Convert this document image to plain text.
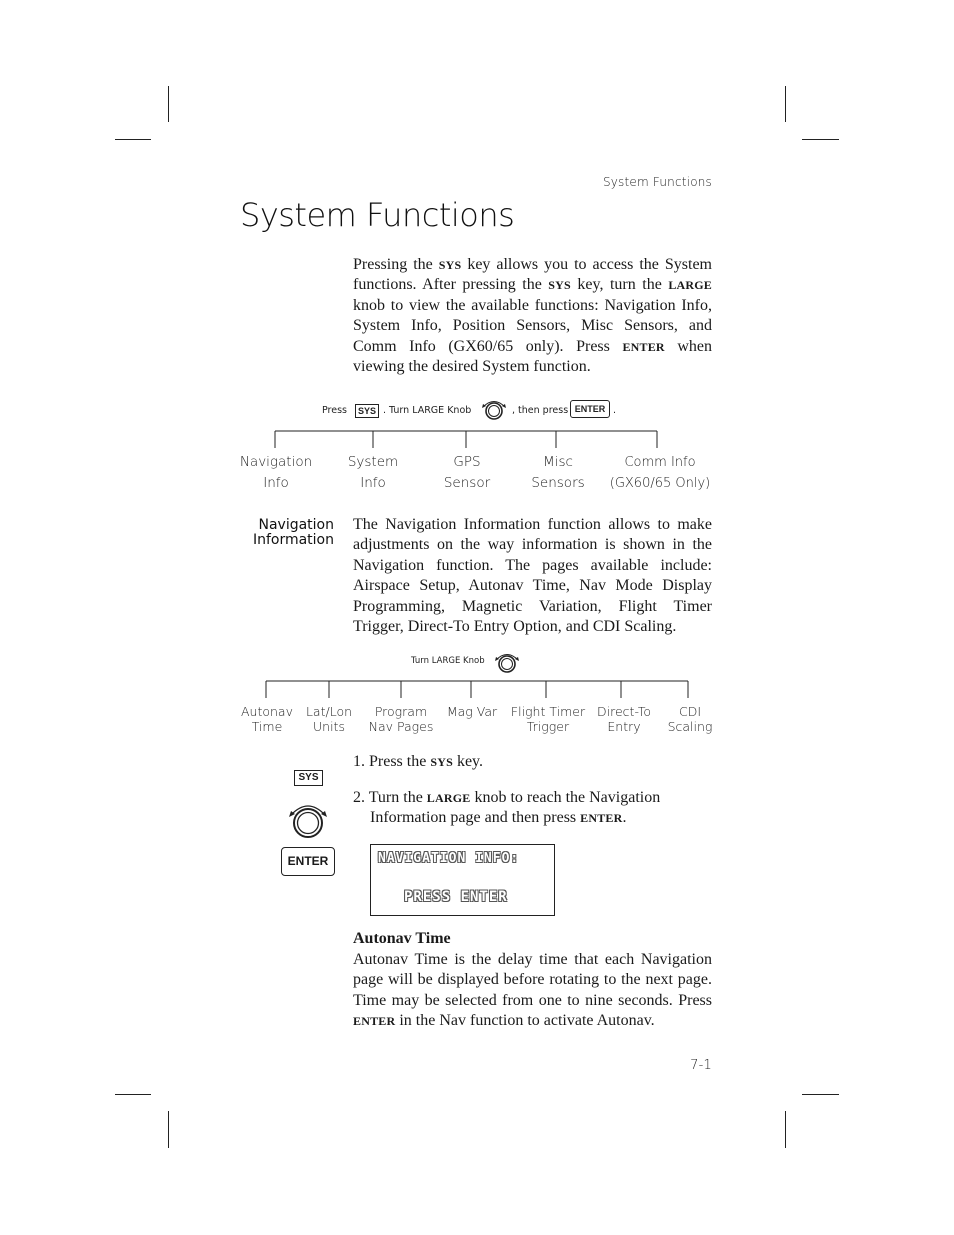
System Functions
System Functions
Pressing the SYS key allows you to access the System functions. After pressing the SYS key, turn the LARGE knob to view the available functions: Navigation Info, System Info, Position Sensors, Misc Sensors, and Comm Info (GX60/65 only). Press ENTER when viewing the desired System function.
Press	SYS . Turn LARGE Knob	, then press ENTER .
Navigation
Info
System
Info
GPS
Sensor
Misc
Sensors
Comm Info
(GX60/65 Only)
Navigation
Information
The Navigation Information function allows to make adjustments on the way information is shown in the Navigation function. The pages available include: Airspace Setup, Autonav Time, Nav Mode Display Programming, Magnetic Variation, Flight Timer Trigger, Direct-To Entry Option, and CDI Scaling.
Turn LARGE Knob
Autonav
Time
Lat/Lon
Units
Program
Nav Pages
Mag Var Flight Timer
Trigger
Direct-To
Entry
CDI
Scaling
SYS
ENTER
1. Press the SYS key.
2. Turn the LARGE knob to reach the Navigation
Information page and then press ENTER.
NAVIGATION INFO:
PRESS ENTER
Autonav Time
Autonav Time is the delay time that each Navigation page will be displayed before rotating to the next page. Time may be selected from one to nine seconds. Press ENTER in the Nav function to activate Autonav.
7-1
